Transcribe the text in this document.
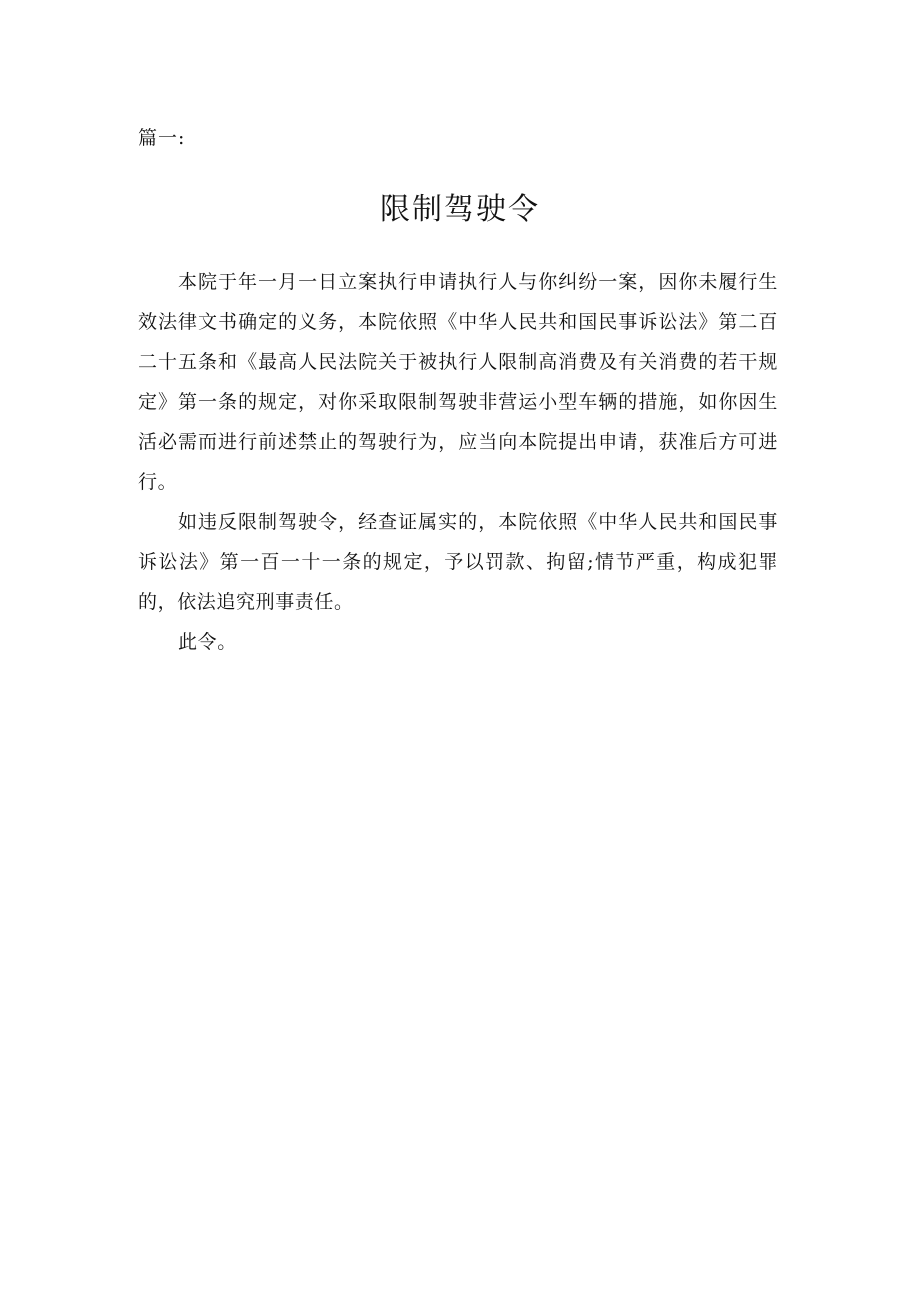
篇一:
限制驾驶令

本院于年一月一日立案执行申请执行人与你纠纷一案，因你未履行生效法律文书确定的义务，本院依照《中华人民共和国民事诉讼法》第二百二十五条和《最高人民法院关于被执行人限制高消费及有关消费的若干规定》第一条的规定，对你采取限制驾驶非营运小型车辆的措施，如你因生活必需而进行前述禁止的驾驶行为，应当向本院提出申请，获准后方可进行。

如违反限制驾驶令，经查证属实的，本院依照《中华人民共和国民事诉讼法》第一百一十一条的规定，予以罚款、拘留;情节严重，构成犯罪的，依法追究刑事责任。

此令。
